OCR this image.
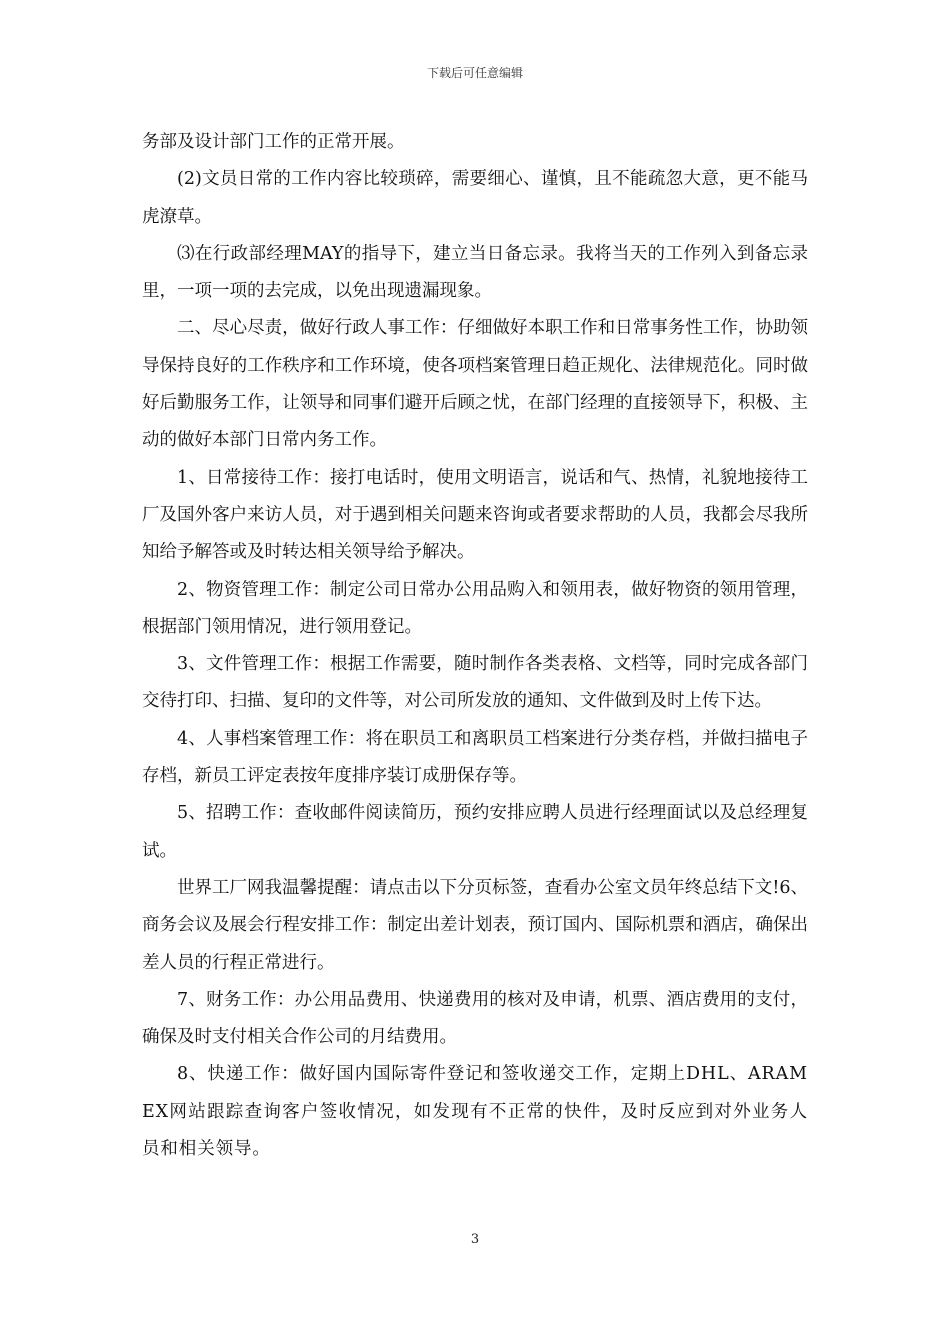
下载后可任意编辑

务部及设计部门工作的正常开展。

(2)文员日常的工作内容比较琐碎，需要细心、谨慎，且不能疏忽大意，更不能马虎潦草。

⑶在行政部经理MAY的指导下，建立当日备忘录。我将当天的工作列入到备忘录里，一项一项的去完成，以免出现遗漏现象。

二、尽心尽责，做好行政人事工作：仔细做好本职工作和日常事务性工作，协助领导保持良好的工作秩序和工作环境，使各项档案管理日趋正规化、法律规范化。同时做好后勤服务工作，让领导和同事们避开后顾之忧，在部门经理的直接领导下，积极、主动的做好本部门日常内务工作。

1、日常接待工作：接打电话时，使用文明语言，说话和气、热情，礼貌地接待工厂及国外客户来访人员，对于遇到相关问题来咨询或者要求帮助的人员，我都会尽我所知给予解答或及时转达相关领导给予解决。

2、物资管理工作：制定公司日常办公用品购入和领用表，做好物资的领用管理，根据部门领用情况，进行领用登记。

3、文件管理工作：根据工作需要，随时制作各类表格、文档等，同时完成各部门交待打印、扫描、复印的文件等，对公司所发放的通知、文件做到及时上传下达。

4、人事档案管理工作：将在职员工和离职员工档案进行分类存档，并做扫描电子存档，新员工评定表按年度排序装订成册保存等。

5、招聘工作：查收邮件阅读简历，预约安排应聘人员进行经理面试以及总经理复试。

世界工厂网我温馨提醒：请点击以下分页标签，查看办公室文员年终总结下文!6、商务会议及展会行程安排工作：制定出差计划表，预订国内、国际机票和酒店，确保出差人员的行程正常进行。

7、财务工作：办公用品费用、快递费用的核对及申请，机票、酒店费用的支付，确保及时支付相关合作公司的月结费用。

8、快递工作：做好国内国际寄件登记和签收递交工作，定期上DHL、ARAMEX网站跟踪查询客户签收情况，如发现有不正常的快件，及时反应到对外业务人员和相关领导。

3
